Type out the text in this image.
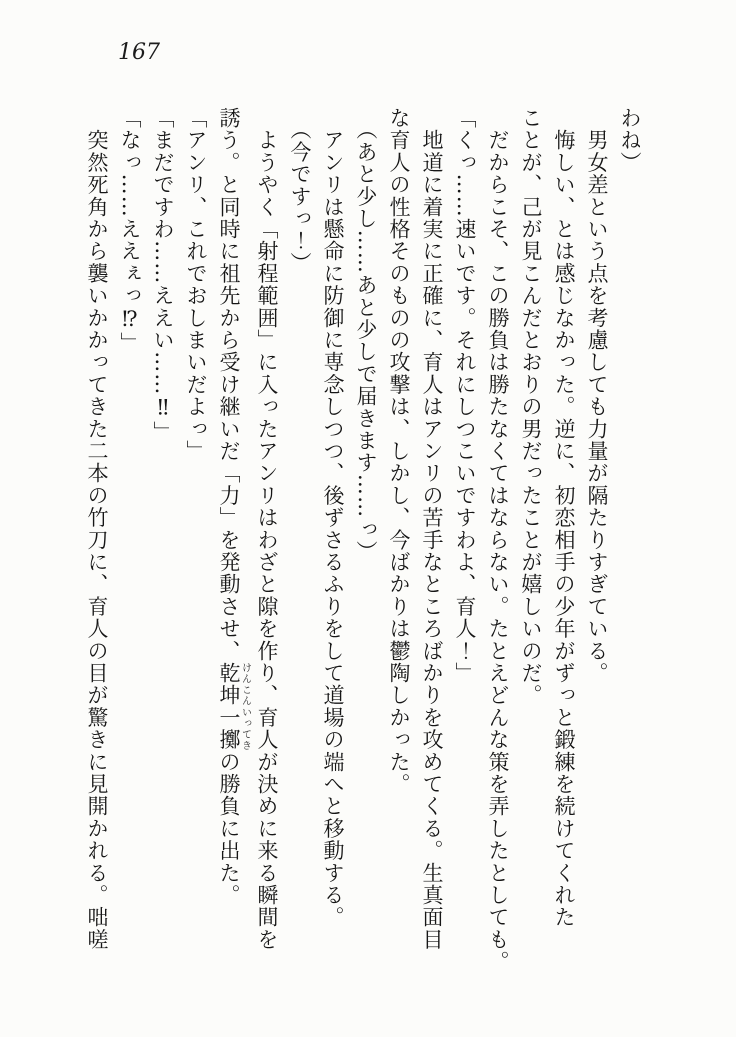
167
わね）
　男女差という点を考慮しても力量が隔たりすぎている。
　悔しい、とは感じなかった。逆に、初恋相手の少年がずっと鍛練を続けてくれた
ことが、己が見こんだとおりの男だったことが嬉しいのだ。
　だからこそ、この勝負は勝たなくてはならない。たとえどんな策を弄したとしても。
「くっ……速いです。それにしつこいですわよ、育人！」
　地道に着実に正確に、育人はアンリの苦手なところばかりを攻めてくる。生真面目
な育人の性格そのものの攻撃は、しかし、今ばかりは鬱陶しかった。
　（あと少し……あと少しで届きます……っ）
　アンリは懸命に防御に専念しつつ、後ずさるふりをして道場の端へと移動する。
　（今ですっ！）
　ようやく「射程範囲」に入ったアンリはわざと隙を作り、育人が決めに来る瞬間を
誘う。と同時に祖先から受け継いだ「力」を発動させ、乾坤一擲けんこんいってきの勝負に出た。
「アンリ、これでおしまいだよっ」
「まだですわ……ええい……‼」
「なっ……ええぇっ⁉」
　突然死角から襲いかかってきた二本の竹刀に、育人の目が驚きに見開かれる。咄嗟
